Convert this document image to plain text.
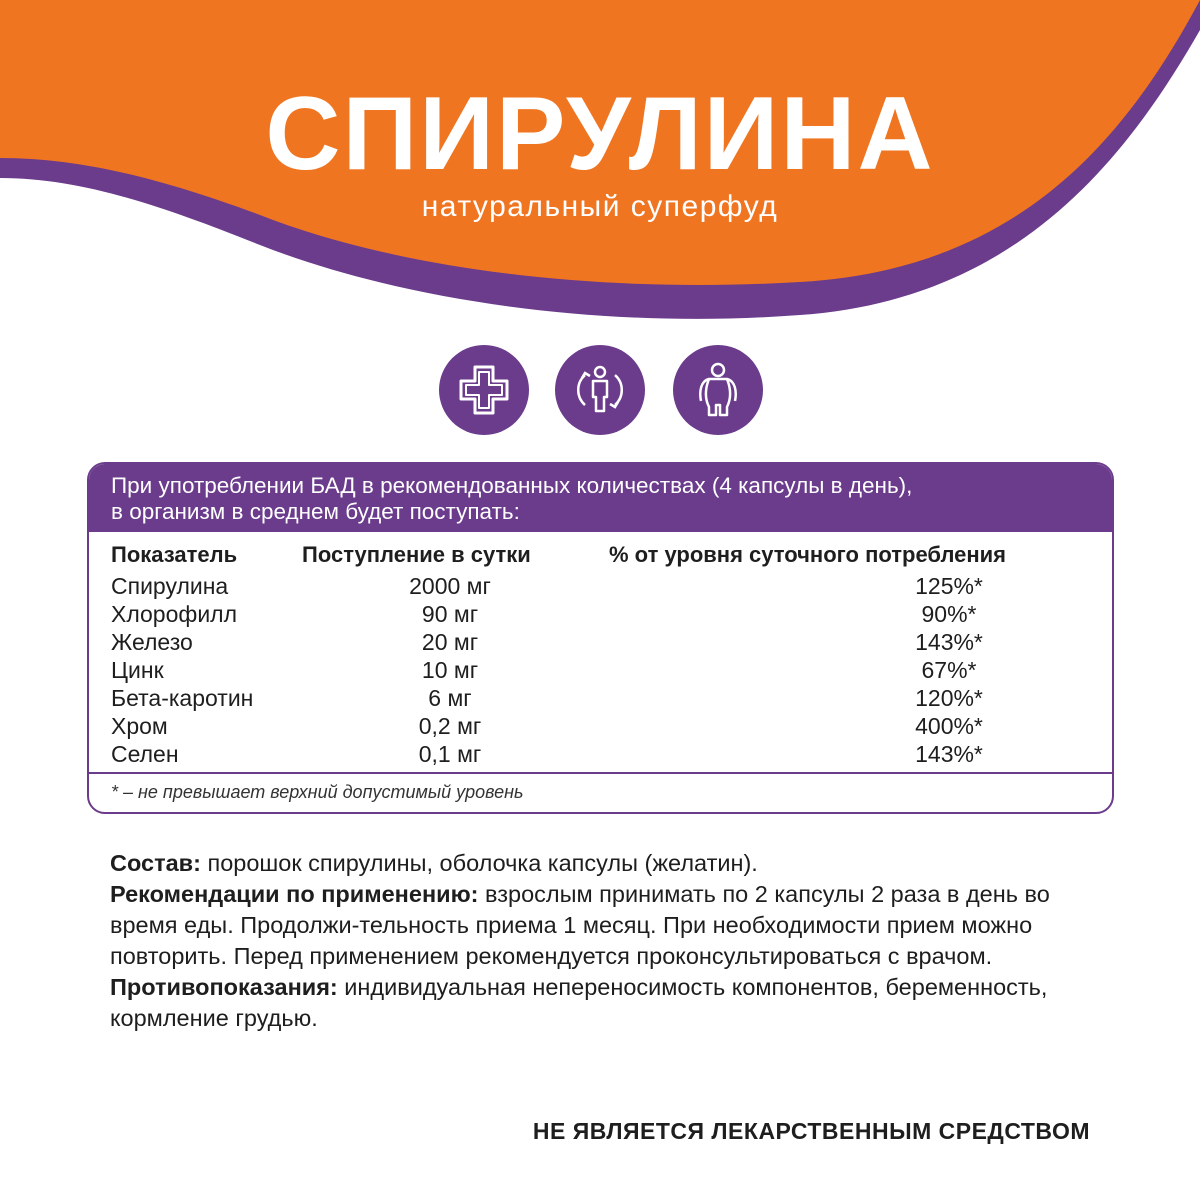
СПИРУЛИНА
натуральный суперфуд
При употреблении БАД в рекомендованных количествах (4 капсулы в день),
в организм в среднем будет поступать:
Показатель	Поступление в сутки	% от уровня суточного потребления
Спирулина	2000 мг	125%*
Хлорофилл	90 мг	90%*
Железо	20 мг	143%*
Цинк	10 мг	67%*
Бета-каротин	6 мг	120%*
Хром	0,2 мг	400%*
Селен	0,1 мг	143%*
* – не превышает верхний допустимый уровень

Состав: порошок спирулины, оболочка капсулы (желатин).

Рекомендации по применению: взрослым принимать по 2 капсулы 2 раза в день во время еды. Продолжи-тельность приема 1 месяц. При необходимости прием можно повторить. Перед применением рекомендуется проконсультироваться с врачом.

Противопоказания: индивидуальная непереносимость компонентов, беременность, кормление грудью.

НЕ ЯВЛЯЕТСЯ ЛЕКАРСТВЕННЫМ СРЕДСТВОМ
